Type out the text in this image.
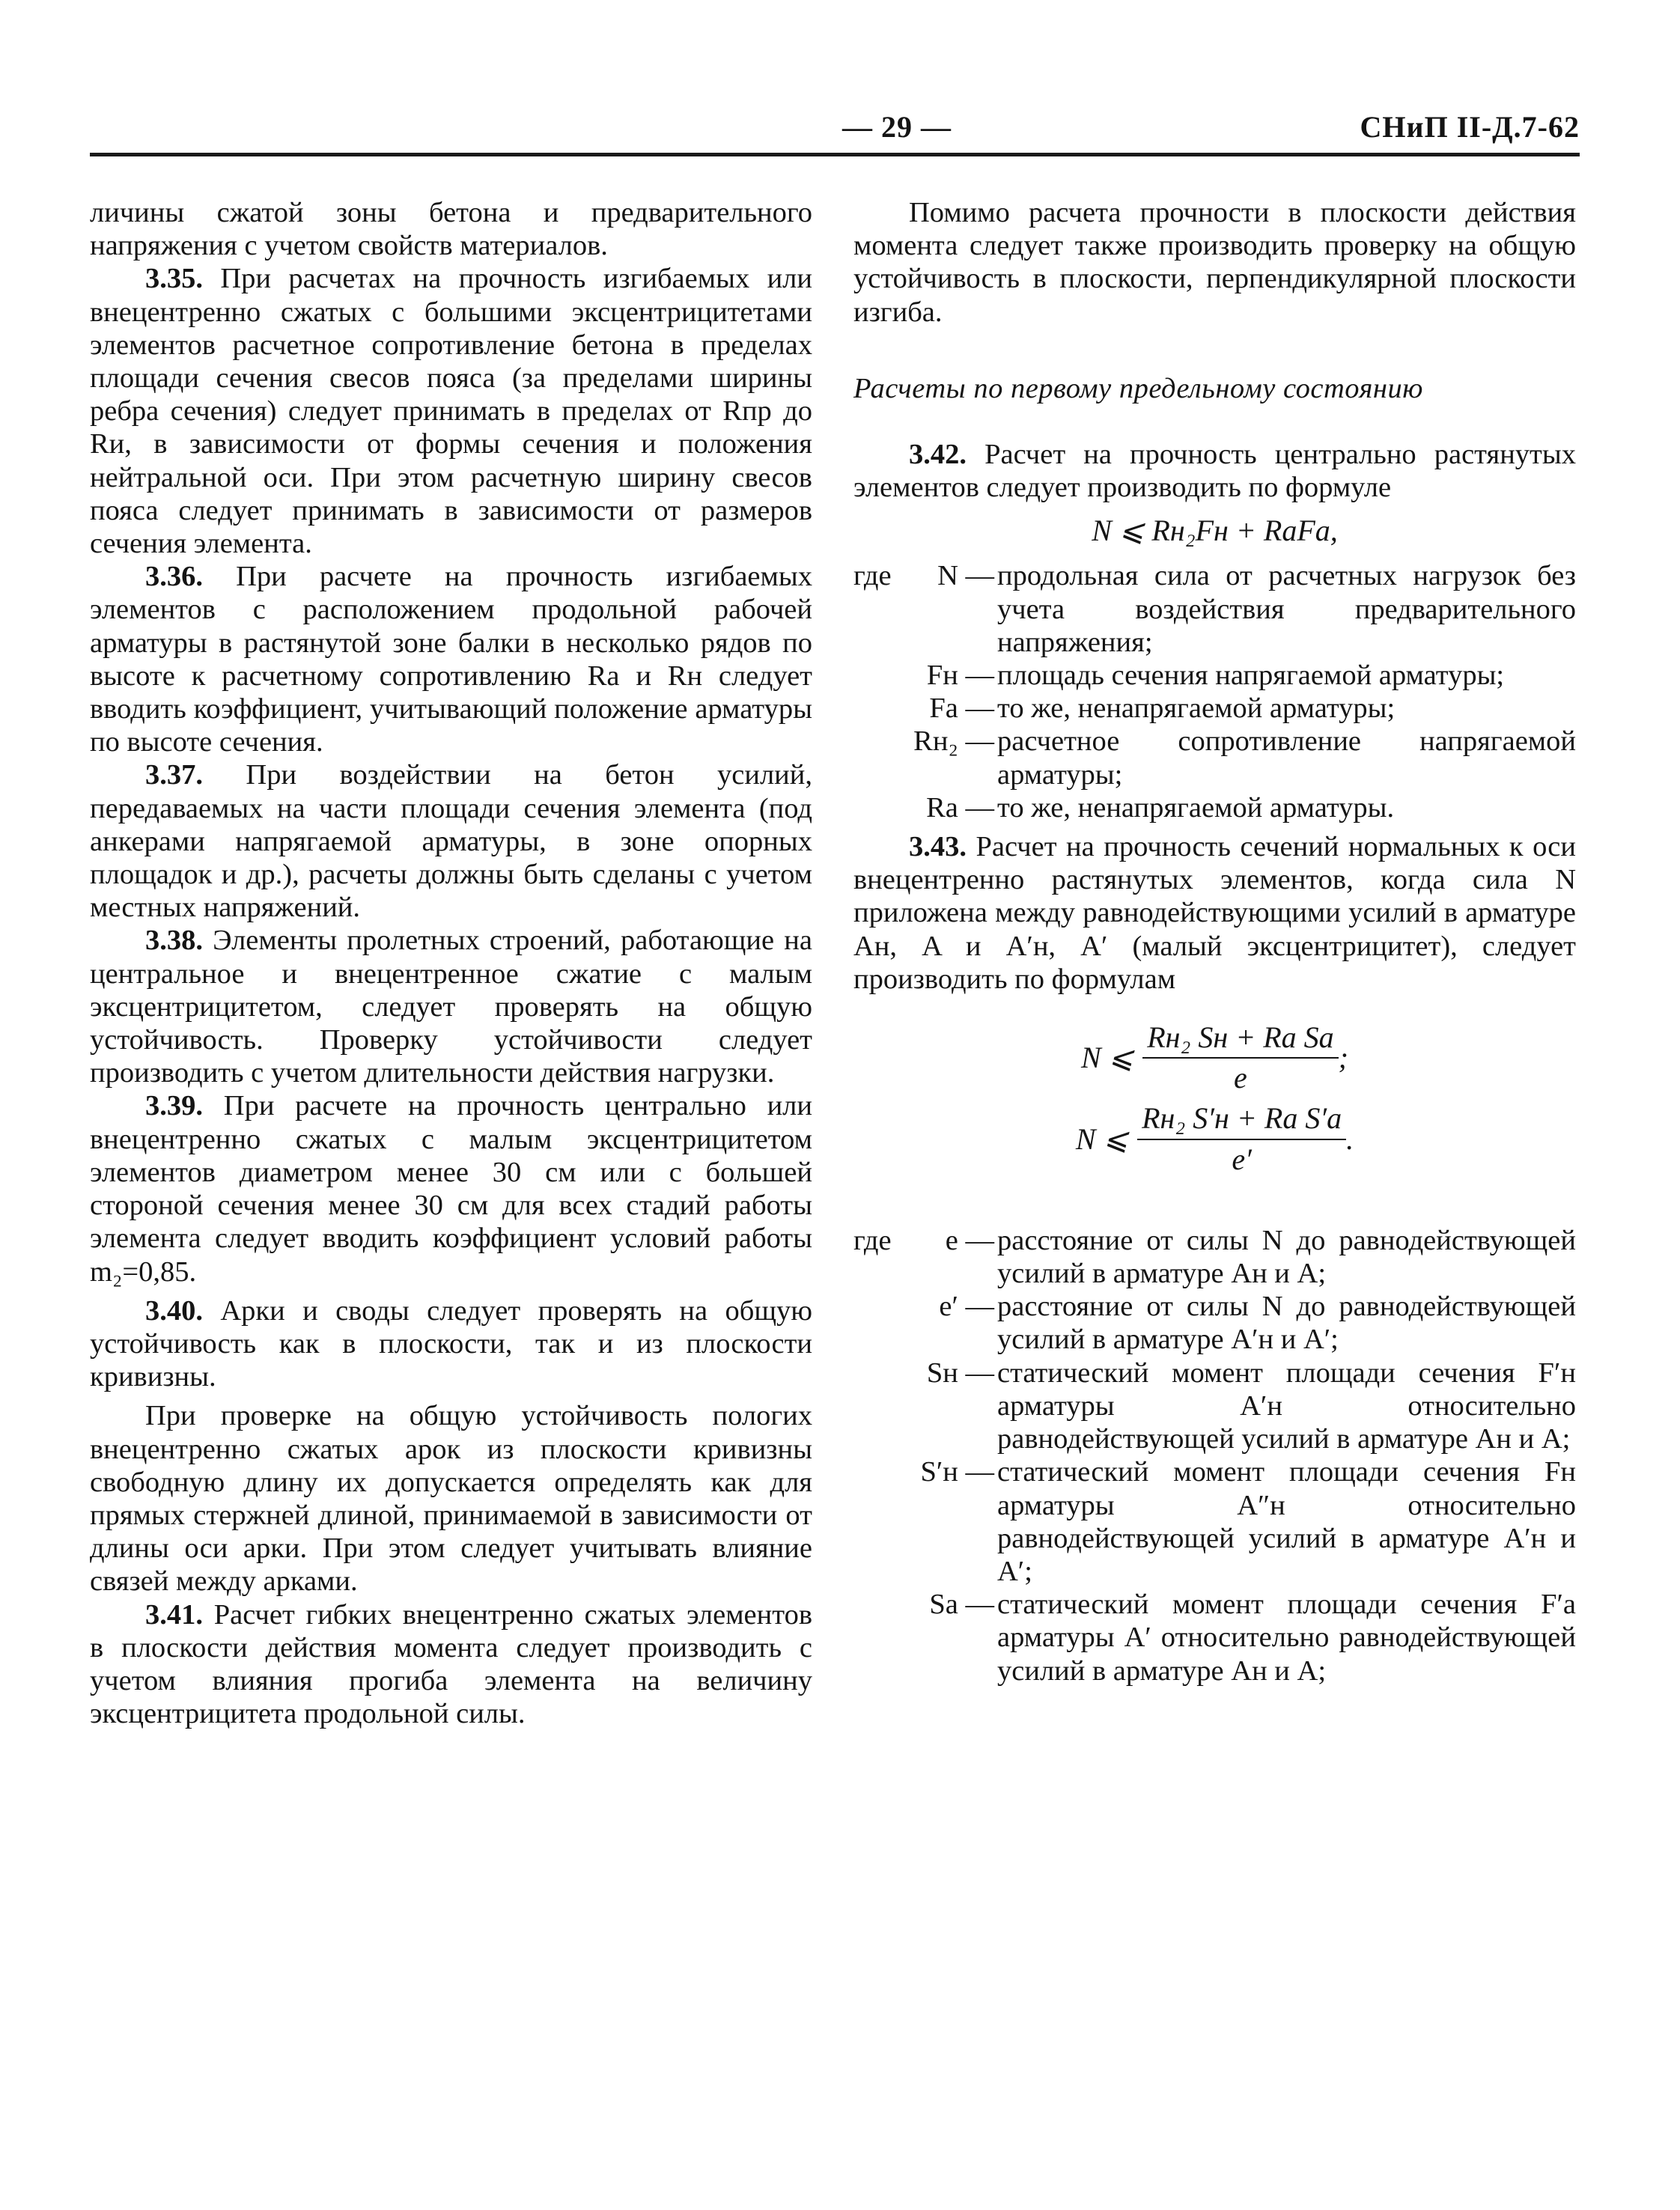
— 29 —	СНиП II-Д.7-62

личины сжатой зоны бетона и предварительного напряжения с учетом свойств материалов.

3.35. При расчетах на прочность изгибаемых или внецентренно сжатых с большими эксцентрицитетами элементов расчетное сопротивление бетона в пределах площади сечения свесов пояса (за пределами ширины ребра сечения) следует принимать в пределах от Rпр до Rи, в зависимости от формы сечения и положения нейтральной оси. При этом расчетную ширину свесов пояса следует принимать в зависимости от размеров сечения элемента.

3.36. При расчете на прочность изгибаемых элементов с расположением продольной рабочей арматуры в растянутой зоне балки в несколько рядов по высоте к расчетному сопротивлению Rа и Rн следует вводить коэффициент, учитывающий положение арматуры по высоте сечения.

3.37. При воздействии на бетон усилий, передаваемых на части площади сечения элемента (под анкерами напрягаемой арматуры, в зоне опорных площадок и др.), расчеты должны быть сделаны с учетом местных напряжений.

3.38. Элементы пролетных строений, работающие на центральное и внецентренное сжатие с малым эксцентрицитетом, следует проверять на общую устойчивость. Проверку устойчивости следует производить с учетом длительности действия нагрузки.

3.39. При расчете на прочность центрально или внецентренно сжатых с малым эксцентрицитетом элементов диаметром менее 30 см или с большей стороной сечения менее 30 см для всех стадий работы элемента следует вводить коэффициент условий работы m₂=0,85.

3.40. Арки и своды следует проверять на общую устойчивость как в плоскости, так и из плоскости кривизны.

При проверке на общую устойчивость пологих внецентренно сжатых арок из плоскости кривизны свободную длину их допускается определять как для прямых стержней длиной, принимаемой в зависимости от длины оси арки. При этом следует учитывать влияние связей между арками.

3.41. Расчет гибких внецентренно сжатых элементов в плоскости действия момента следует производить с учетом влияния прогиба элемента на величину эксцентрицитета продольной силы.

Помимо расчета прочности в плоскости действия момента следует также производить проверку на общую устойчивость в плоскости, перпендикулярной плоскости изгиба.

Расчеты по первому предельному состоянию

3.42. Расчет на прочность центрально растянутых элементов следует производить по формуле

N ⩽ Rн₂Fн + RаFа,
где N — продольная сила от расчетных нагрузок без учета воздействия предварительного напряжения;
Fн — площадь сечения напрягаемой арматуры;
Fа — то же, ненапрягаемой арматуры;
Rн₂ — расчетное сопротивление напрягаемой арматуры;
Rа — то же, ненапрягаемой арматуры.

3.43. Расчет на прочность сечений нормальных к оси внецентренно растянутых элементов, когда сила N приложена между равнодействующими усилий в арматуре Aн, A и A′н, A′ (малый эксцентрицитет), следует производить по формулам

N ⩽ $\frac{\text{Rн₂ Sн + Rа Sа}}{e}$ ;
N ⩽ $\frac{\text{Rн₂ S′н + Rа S′а}}{e'}$ .
где e — расстояние от силы N до равнодействующей усилий в арматуре Aн и A;
e′ — расстояние от силы N до равнодействующей усилий в арматуре A′н и A′;
Sн — статический момент площади сечения F′н арматуры A′н относительно равнодействующей усилий в арматуре Aн и A;
S′н — статический момент площади сечения Fн арматуры A″н относительно равнодействующей усилий в арматуре A′н и A′;
Sа — статический момент площади сечения F′а арматуры A′ относительно равнодействующей усилий в арматуре Aн и A;
